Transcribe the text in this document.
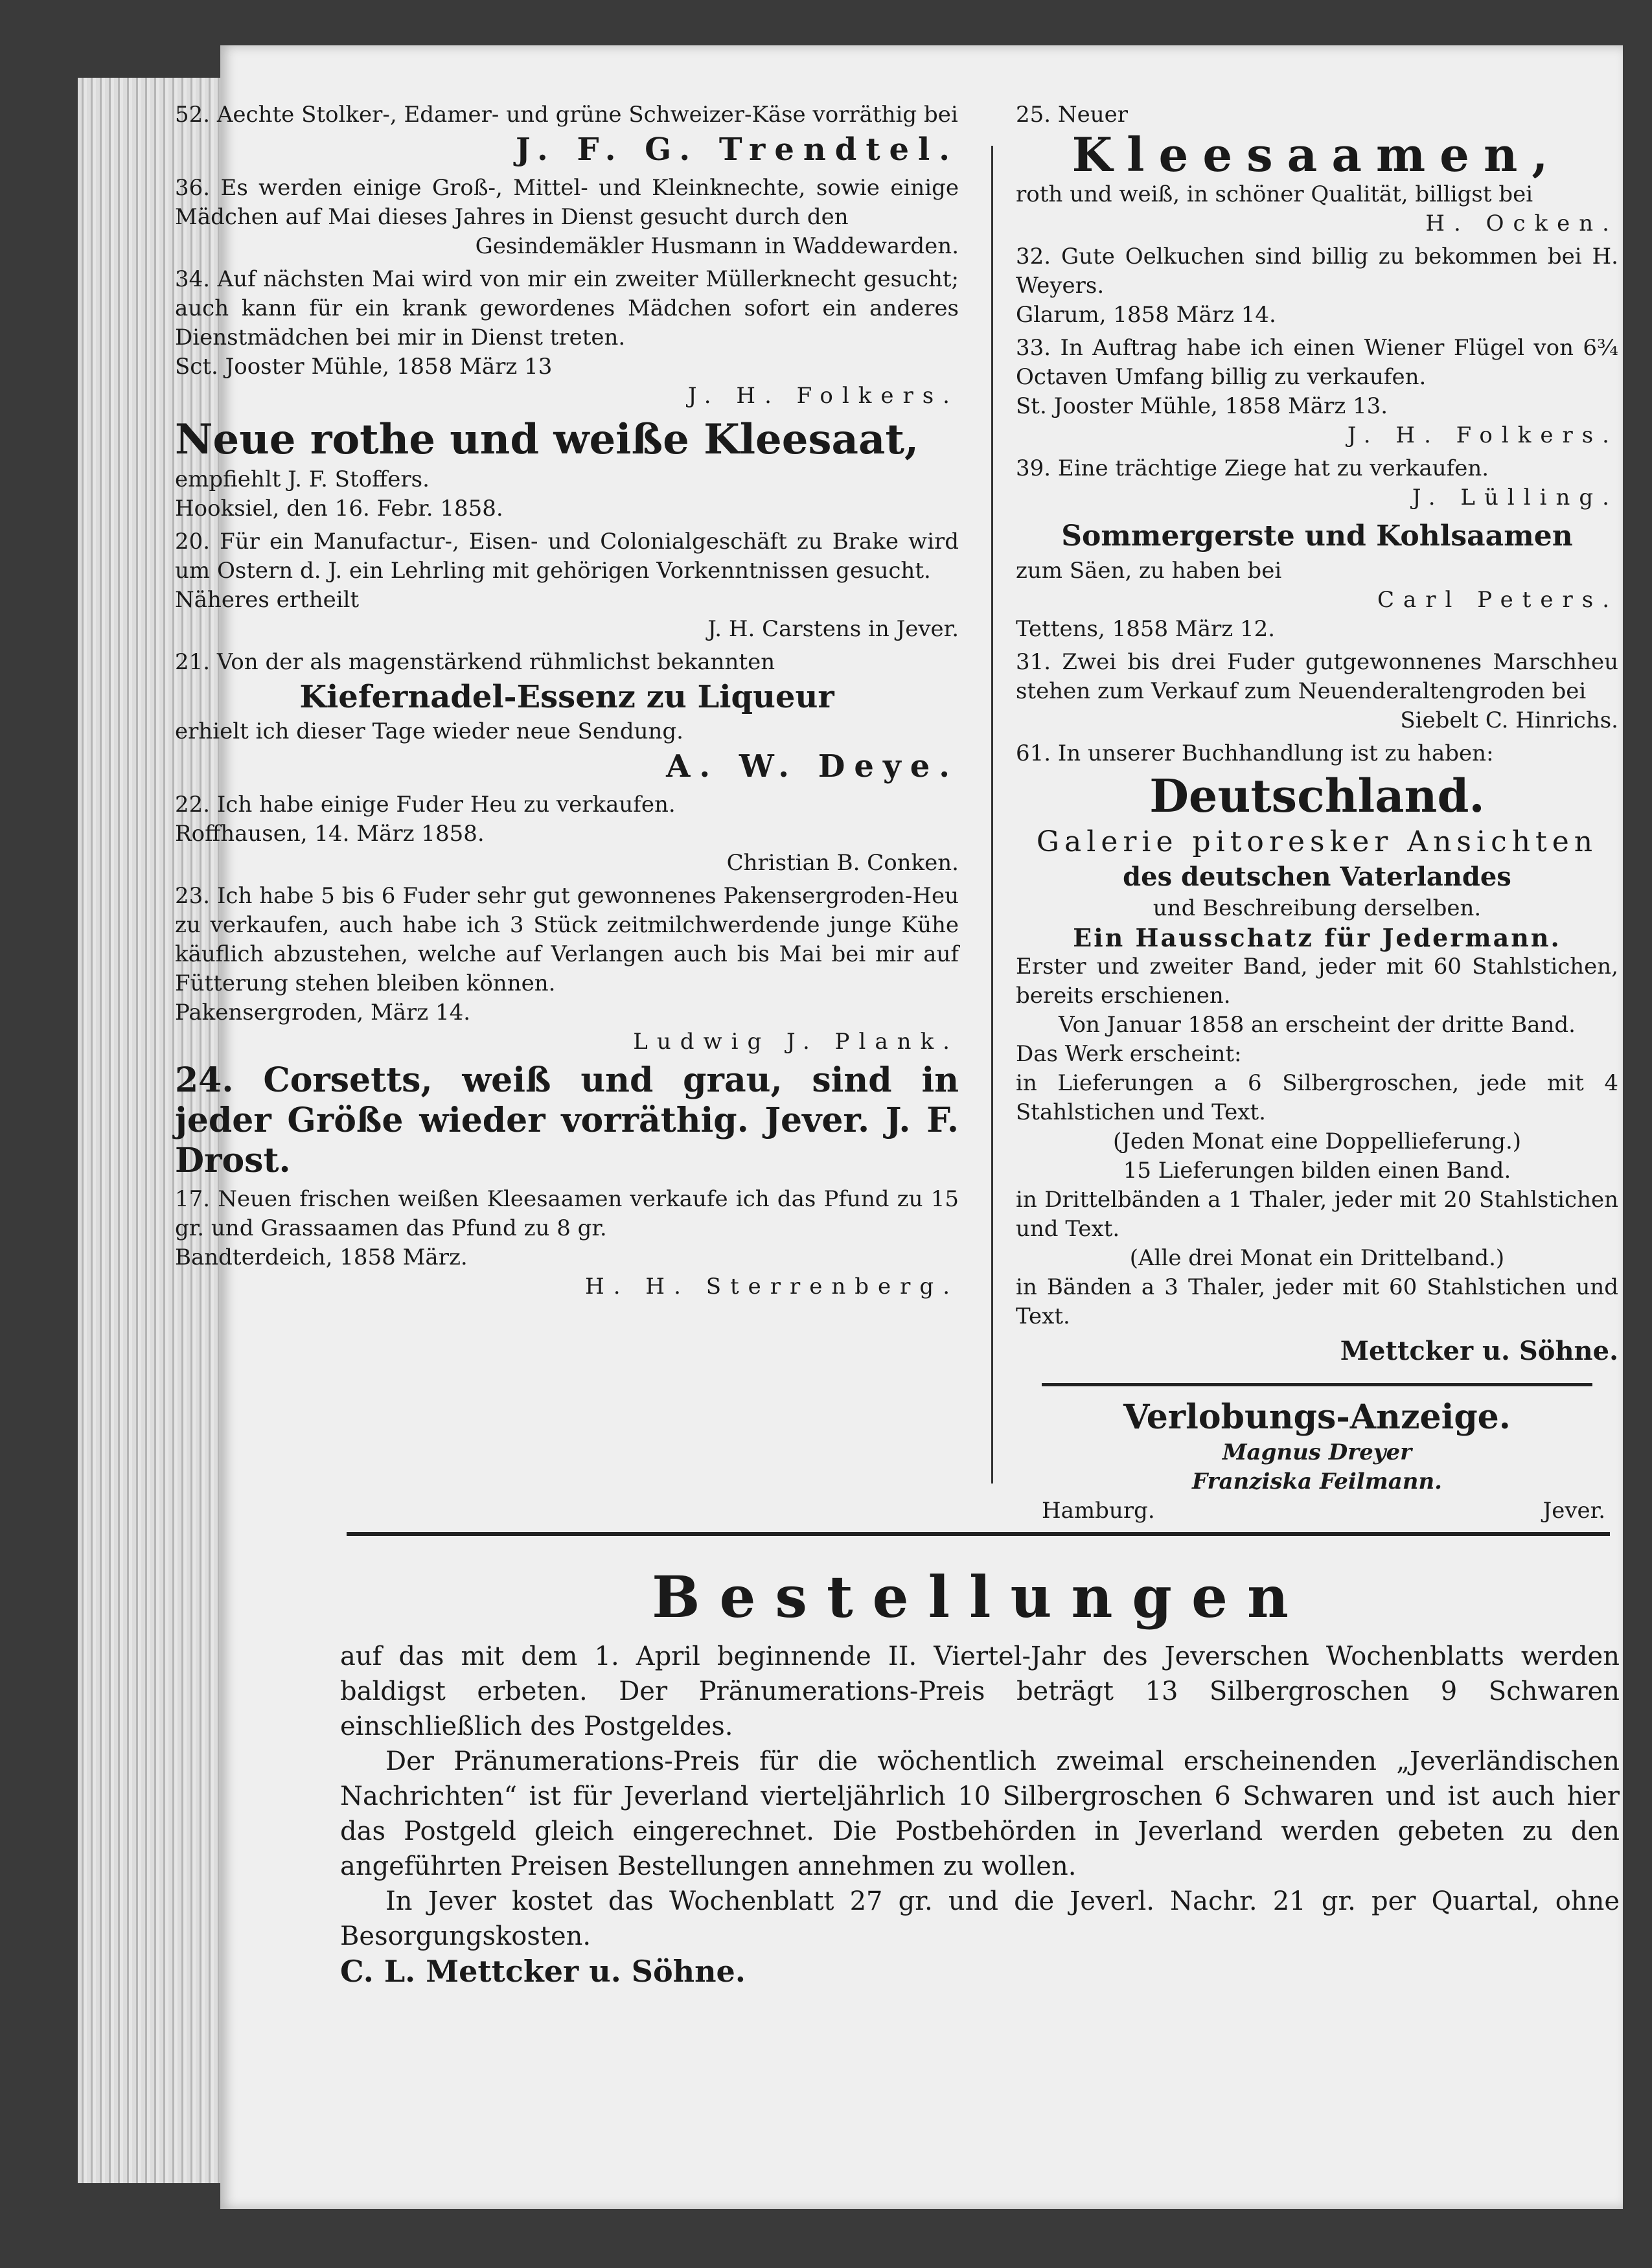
52. Aechte Stolker-, Edamer- und grüne Schweizer-Käse vorräthig bei

J. F. G. Trendtel.

36. Es werden einige Groß-, Mittel- und Kleinknechte, sowie einige Mädchen auf Mai dieses Jahres in Dienst gesucht durch den

Gesindemäkler Husmann in Waddewarden.

34. Auf nächsten Mai wird von mir ein zweiter Müllerknecht gesucht; auch kann für ein krank gewordenes Mädchen sofort ein anderes Dienstmädchen bei mir in Dienst treten.

Sct. Jooster Mühle, 1858 März 13

J. H. Folkers.

Neue rothe und weiße Kleesaat,

empfiehlt J. F. Stoffers.

Hooksiel, den 16. Febr. 1858.

20. Für ein Manufactur-, Eisen- und Colonialgeschäft zu Brake wird um Ostern d. J. ein Lehrling mit gehörigen Vorkenntnissen gesucht.

Näheres ertheilt

J. H. Carstens in Jever.

21. Von der als magenstärkend rühmlichst bekannten

Kiefernadel-Essenz zu Liqueur

erhielt ich dieser Tage wieder neue Sendung.

A. W. Deye.

22. Ich habe einige Fuder Heu zu verkaufen.

Roffhausen, 14. März 1858.

Christian B. Conken.

23. Ich habe 5 bis 6 Fuder sehr gut gewonnenes Pakensergroden-Heu zu verkaufen, auch habe ich 3 Stück zeitmilchwerdende junge Kühe käuflich abzustehen, welche auf Verlangen auch bis Mai bei mir auf Fütterung stehen bleiben können.

Pakensergroden, März 14.

Ludwig J. Plank.

24. Corsetts, weiß und grau, sind in jeder Größe wieder vorräthig. Jever. J. F. Drost.

17. Neuen frischen weißen Kleesaamen verkaufe ich das Pfund zu 15 gr. und Grassaamen das Pfund zu 8 gr.

Bandterdeich, 1858 März.

H. H. Sterrenberg.

25. Neuer

Kleesaamen,

roth und weiß, in schöner Qualität, billigst bei

H. Ocken.

32. Gute Oelkuchen sind billig zu bekommen bei H. Weyers.

Glarum, 1858 März 14.

33. In Auftrag habe ich einen Wiener Flügel von 6¾ Octaven Umfang billig zu verkaufen.

St. Jooster Mühle, 1858 März 13.

J. H. Folkers.

39. Eine trächtige Ziege hat zu verkaufen.

J. Lülling.

Sommergerste und Kohlsaamen

zum Säen, zu haben bei

Carl Peters.

Tettens, 1858 März 12.

31. Zwei bis drei Fuder gutgewonnenes Marschheu stehen zum Verkauf zum Neuenderaltengroden bei

Siebelt C. Hinrichs.

61. In unserer Buchhandlung ist zu haben:

Deutschland.

Galerie pitoresker Ansichten

des deutschen Vaterlandes

und Beschreibung derselben.

Ein Hausschatz für Jedermann.

Erster und zweiter Band, jeder mit 60 Stahlstichen, bereits erschienen.

Von Januar 1858 an erscheint der dritte Band.

Das Werk erscheint:

in Lieferungen a 6 Silbergroschen, jede mit 4 Stahlstichen und Text.

(Jeden Monat eine Doppellieferung.)

15 Lieferungen bilden einen Band.

in Drittelbänden a 1 Thaler, jeder mit 20 Stahlstichen und Text.

(Alle drei Monat ein Drittelband.)

in Bänden a 3 Thaler, jeder mit 60 Stahlstichen und Text.

Mettcker u. Söhne.

Verlobungs-Anzeige.

Magnus Dreyer

Franziska Feilmann.

Hamburg.	Jever.

Bestellungen

auf das mit dem 1. April beginnende II. Viertel-Jahr des Jeverschen Wochenblatts werden baldigst erbeten. Der Pränumerations-Preis beträgt 13 Silbergroschen 9 Schwaren einschließlich des Postgeldes.

Der Pränumerations-Preis für die wöchentlich zweimal erscheinenden „Jeverländischen Nachrichten“ ist für Jeverland vierteljährlich 10 Silbergroschen 6 Schwaren und ist auch hier das Postgeld gleich eingerechnet. Die Postbehörden in Jeverland werden gebeten zu den angeführten Preisen Bestellungen annehmen zu wollen.

In Jever kostet das Wochenblatt 27 gr. und die Jeverl. Nachr. 21 gr. per Quartal, ohne Besorgungskosten.

C. L. Mettcker u. Söhne.
